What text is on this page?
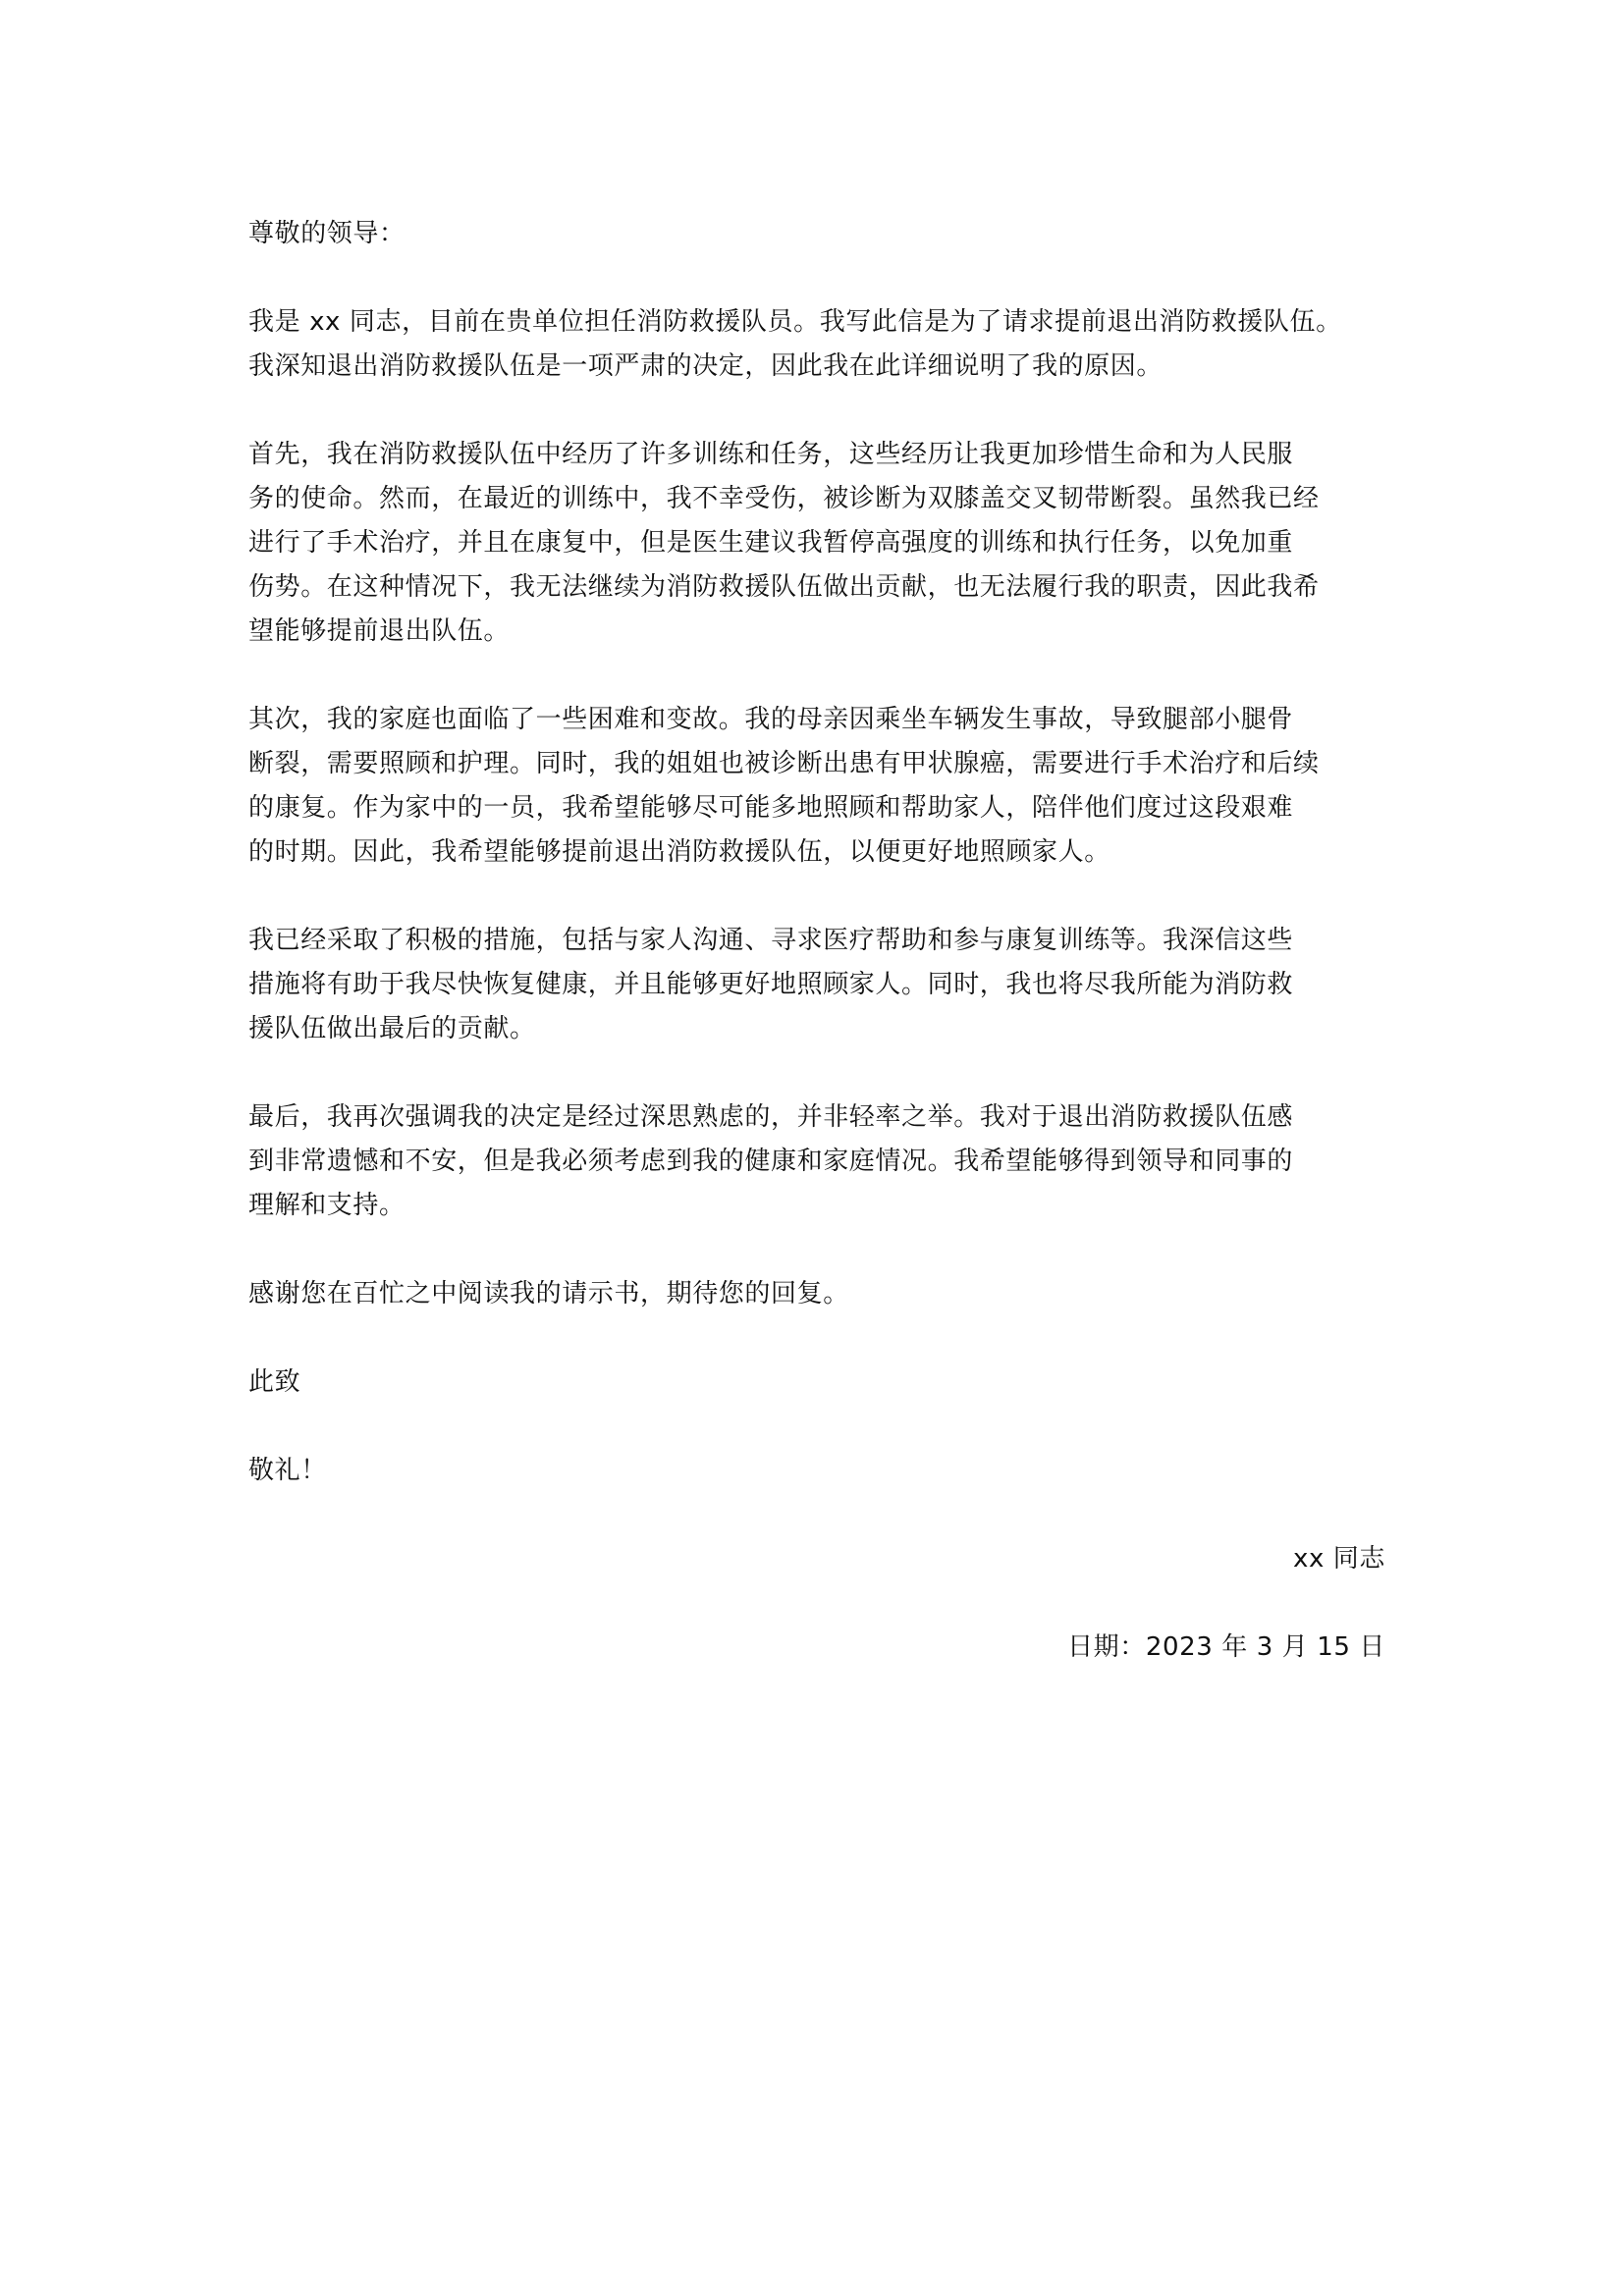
尊敬的领导：
我是 xx 同志，目前在贵单位担任消防救援队员。我写此信是为了请求提前退出消防救援队伍。
我深知退出消防救援队伍是一项严肃的决定，因此我在此详细说明了我的原因。
首先，我在消防救援队伍中经历了许多训练和任务，这些经历让我更加珍惜生命和为人民服
务的使命。然而，在最近的训练中，我不幸受伤，被诊断为双膝盖交叉韧带断裂。虽然我已经
进行了手术治疗，并且在康复中，但是医生建议我暂停高强度的训练和执行任务，以免加重
伤势。在这种情况下，我无法继续为消防救援队伍做出贡献，也无法履行我的职责，因此我希
望能够提前退出队伍。
其次，我的家庭也面临了一些困难和变故。我的母亲因乘坐车辆发生事故，导致腿部小腿骨
断裂，需要照顾和护理。同时，我的姐姐也被诊断出患有甲状腺癌，需要进行手术治疗和后续
的康复。作为家中的一员，我希望能够尽可能多地照顾和帮助家人，陪伴他们度过这段艰难
的时期。因此，我希望能够提前退出消防救援队伍，以便更好地照顾家人。
我已经采取了积极的措施，包括与家人沟通、寻求医疗帮助和参与康复训练等。我深信这些
措施将有助于我尽快恢复健康，并且能够更好地照顾家人。同时，我也将尽我所能为消防救
援队伍做出最后的贡献。
最后，我再次强调我的决定是经过深思熟虑的，并非轻率之举。我对于退出消防救援队伍感
到非常遗憾和不安，但是我必须考虑到我的健康和家庭情况。我希望能够得到领导和同事的
理解和支持。
感谢您在百忙之中阅读我的请示书，期待您的回复。
此致
敬礼！
xx 同志
日期：2023 年 3 月 15 日
